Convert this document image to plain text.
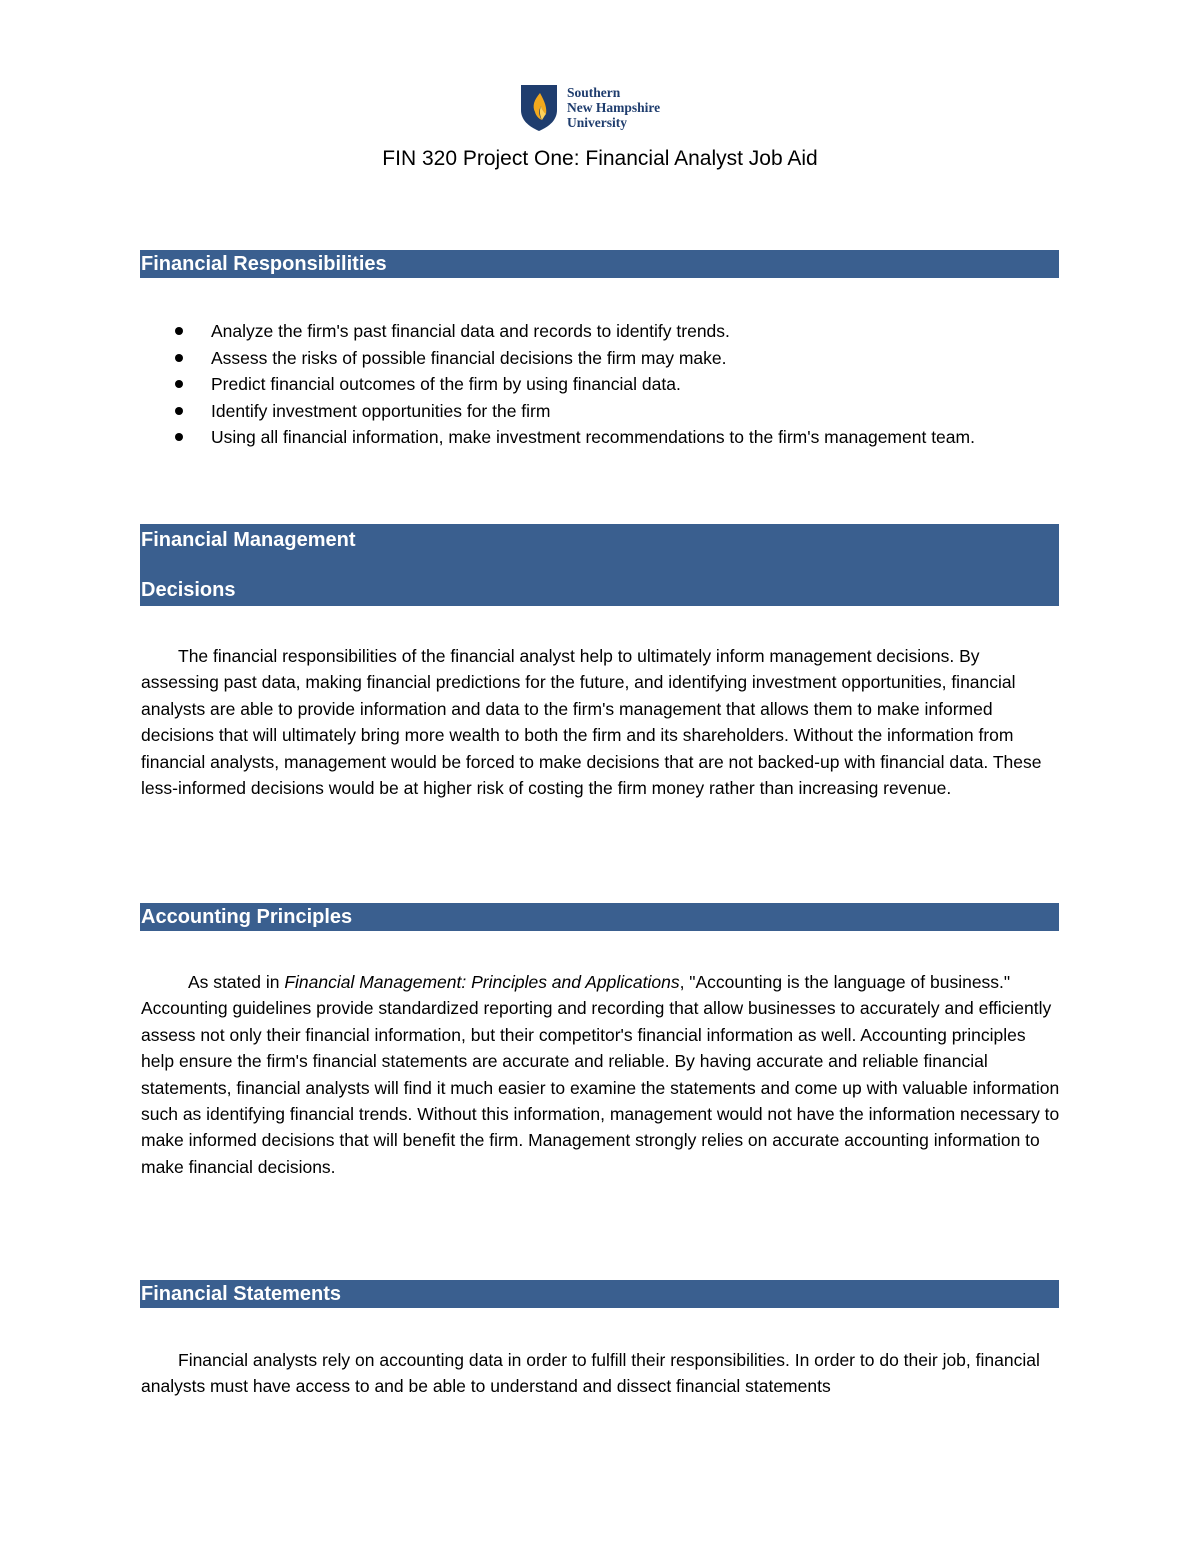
Southern
New Hampshire
University
FIN 320 Project One: Financial Analyst Job Aid
Financial Responsibilities
Analyze the firm's past financial data and records to identify trends.
Assess the risks of possible financial decisions the firm may make.
Predict financial outcomes of the firm by using financial data.
Identify investment opportunities for the firm
Using all financial information, make investment recommendations to the firm's management team.
Financial Management
Decisions

The financial responsibilities of the financial analyst help to ultimately inform management decisions. By assessing past data, making financial predictions for the future, and identifying investment opportunities, financial analysts are able to provide information and data to the firm's management that allows them to make informed decisions that will ultimately bring more wealth to both the firm and its shareholders. Without the information from financial analysts, management would be forced to make decisions that are not backed-up with financial data. These less-informed decisions would be at higher risk of costing the firm money rather than increasing revenue.

Accounting Principles

As stated in Financial Management: Principles and Applications, "Accounting is the language of business." Accounting guidelines provide standardized reporting and recording that allow businesses to accurately and efficiently assess not only their financial information, but their competitor's financial information as well. Accounting principles help ensure the firm's financial statements are accurate and reliable. By having accurate and reliable financial statements, financial analysts will find it much easier to examine the statements and come up with valuable information such as identifying financial trends. Without this information, management would not have the information necessary to make informed decisions that will benefit the firm. Management strongly relies on accurate accounting information to make financial decisions.

Financial Statements

Financial analysts rely on accounting data in order to fulfill their responsibilities. In order to do their job, financial analysts must have access to and be able to understand and dissect financial statements
